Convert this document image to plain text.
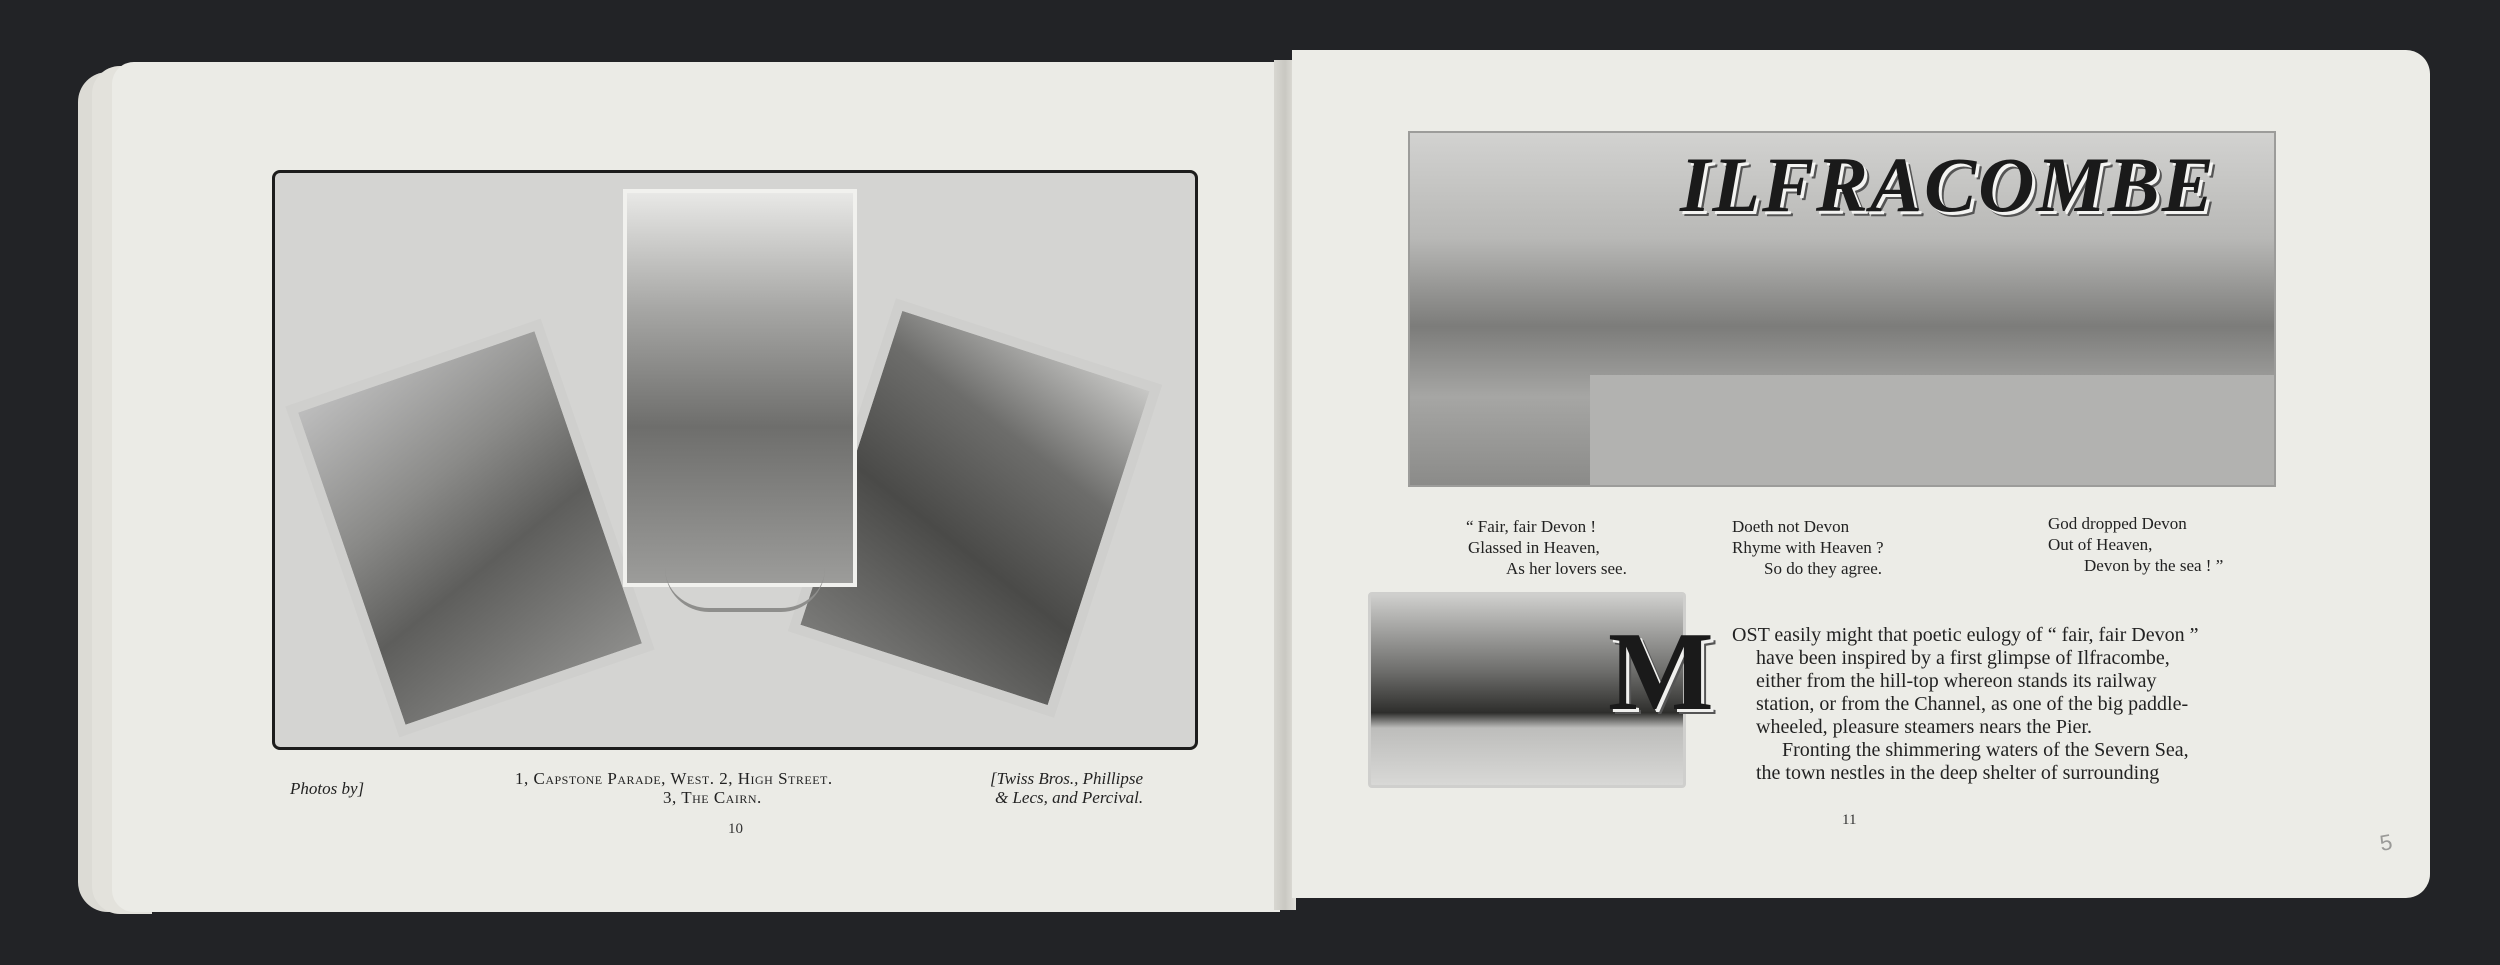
Photos by]
1, Capstone Parade, West. 2, High Street.
3, The Cairn.
[Twiss Bros., Phillipse
& Lecs, and Percival.
10
ILFRACOMBE
“ Fair, fair Devon !
Glassed in Heaven,
As her lovers see.
Doeth not Devon
Rhyme with Heaven ?
So do they agree.
God dropped Devon
Out of Heaven,
Devon by the sea ! ”
M OST easily might that poetic eulogy of “ fair, fair Devon ”
have been inspired by a first glimpse of Ilfracombe,
either from the hill-top whereon stands its railway
station, or from the Channel, as one of the big paddle-
wheeled, pleasure steamers nears the Pier.
Fronting the shimmering waters of the Severn Sea,
the town nestles in the deep shelter of surrounding
11
5
